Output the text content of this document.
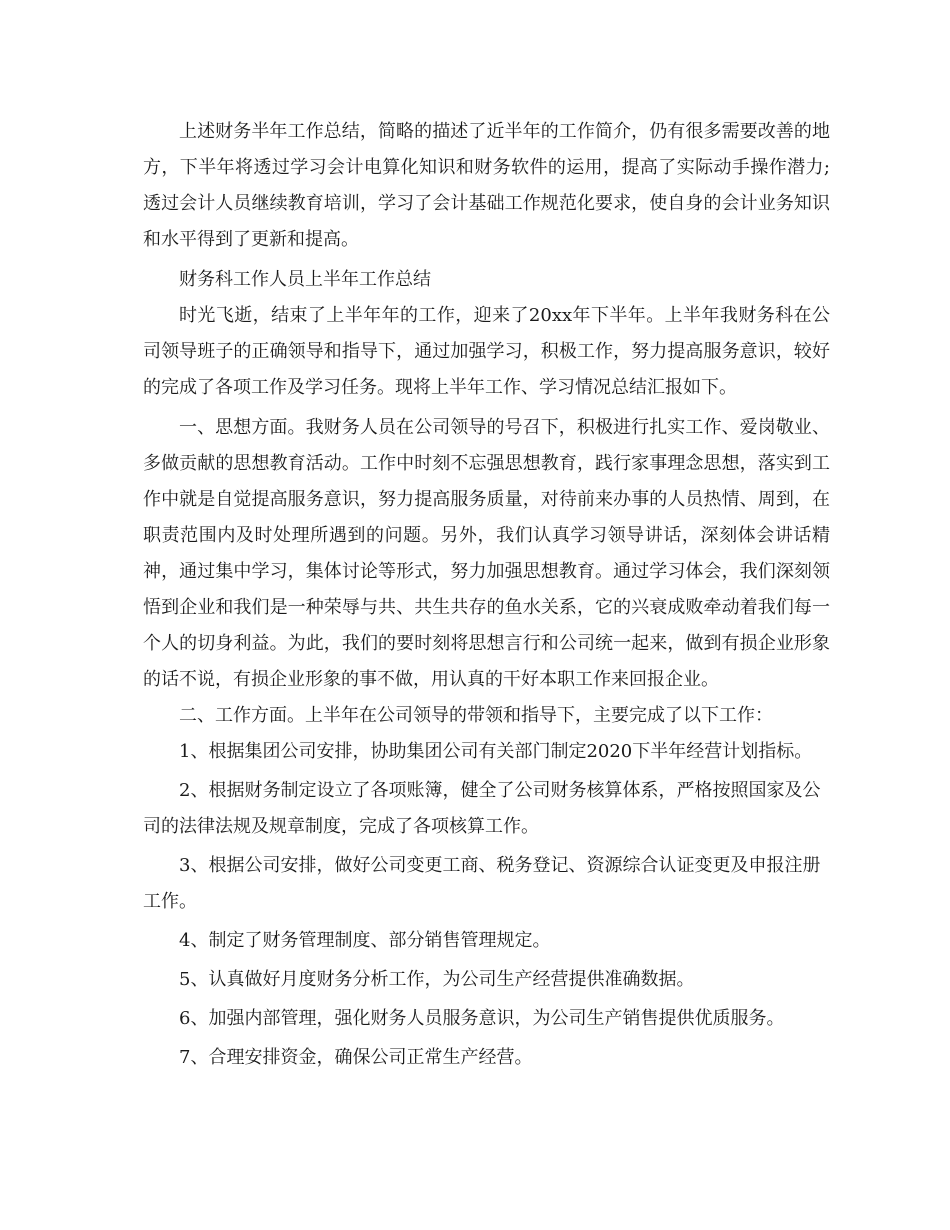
上述财务半年工作总结，简略的描述了近半年的工作简介，仍有很多需要改善的地方，下半年将透过学习会计电算化知识和财务软件的运用，提高了实际动手操作潜力;透过会计人员继续教育培训，学习了会计基础工作规范化要求，使自身的会计业务知识和水平得到了更新和提高。

财务科工作人员上半年工作总结

时光飞逝，结束了上半年年的工作，迎来了20xx年下半年。上半年我财务科在公司领导班子的正确领导和指导下，通过加强学习，积极工作，努力提高服务意识，较好的完成了各项工作及学习任务。现将上半年工作、学习情况总结汇报如下。

一、思想方面。我财务人员在公司领导的号召下，积极进行扎实工作、爱岗敬业、多做贡献的思想教育活动。工作中时刻不忘强思想教育，践行家事理念思想，落实到工作中就是自觉提高服务意识，努力提高服务质量，对待前来办事的人员热情、周到，在职责范围内及时处理所遇到的问题。另外，我们认真学习领导讲话，深刻体会讲话精神，通过集中学习，集体讨论等形式，努力加强思想教育。通过学习体会，我们深刻领悟到企业和我们是一种荣辱与共、共生共存的鱼水关系，它的兴衰成败牵动着我们每一个人的切身利益。为此，我们的要时刻将思想言行和公司统一起来，做到有损企业形象的话不说，有损企业形象的事不做，用认真的干好本职工作来回报企业。

二、工作方面。上半年在公司领导的带领和指导下，主要完成了以下工作：

1、根据集团公司安排，协助集团公司有关部门制定2020下半年经营计划指标。

2、根据财务制定设立了各项账簿，健全了公司财务核算体系，严格按照国家及公司的法律法规及规章制度，完成了各项核算工作。

3、根据公司安排，做好公司变更工商、税务登记、资源综合认证变更及申报注册工作。

4、制定了财务管理制度、部分销售管理规定。

5、认真做好月度财务分析工作，为公司生产经营提供准确数据。

6、加强内部管理，强化财务人员服务意识，为公司生产销售提供优质服务。

7、合理安排资金，确保公司正常生产经营。
